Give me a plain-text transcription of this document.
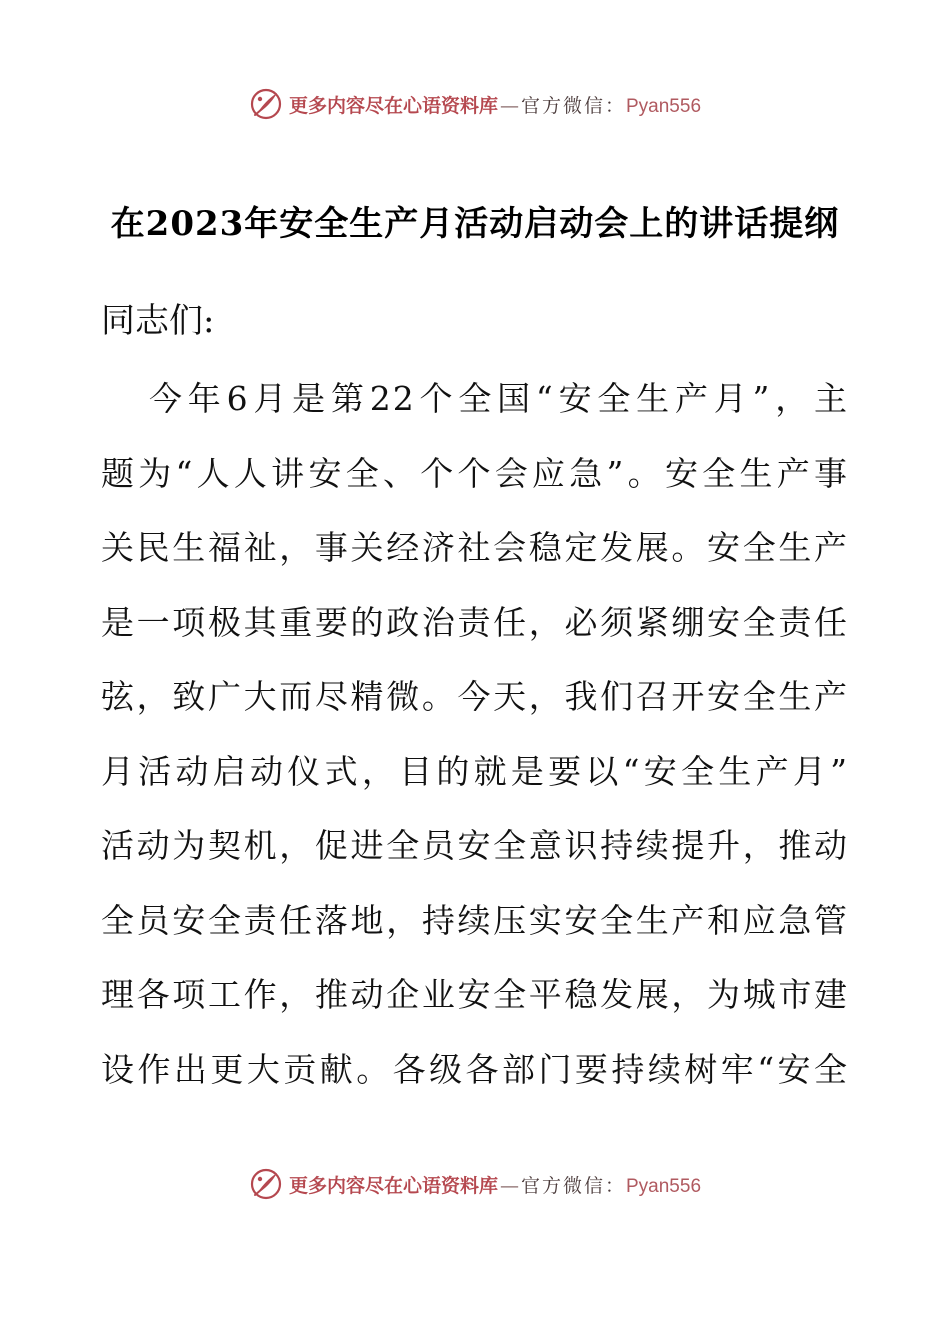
更多内容尽在心语资料库 — 官方微信： Pyan556
在2023年安全生产月活动启动会上的讲话提纲

同志们:

今年6月是第22个全国“安全生产月”，主
题为“人人讲安全、个个会应急”。安全生产事
关民生福祉，事关经济社会稳定发展。安全生产
是一项极其重要的政治责任，必须紧绷安全责任
弦，致广大而尽精微。今天，我们召开安全生产
月活动启动仪式，目的就是要以“安全生产月”
活动为契机，促进全员安全意识持续提升，推动
全员安全责任落地，持续压实安全生产和应急管
理各项工作，推动企业安全平稳发展，为城市建
设作出更大贡献。各级各部门要持续树牢“安全
更多内容尽在心语资料库 — 官方微信： Pyan556
